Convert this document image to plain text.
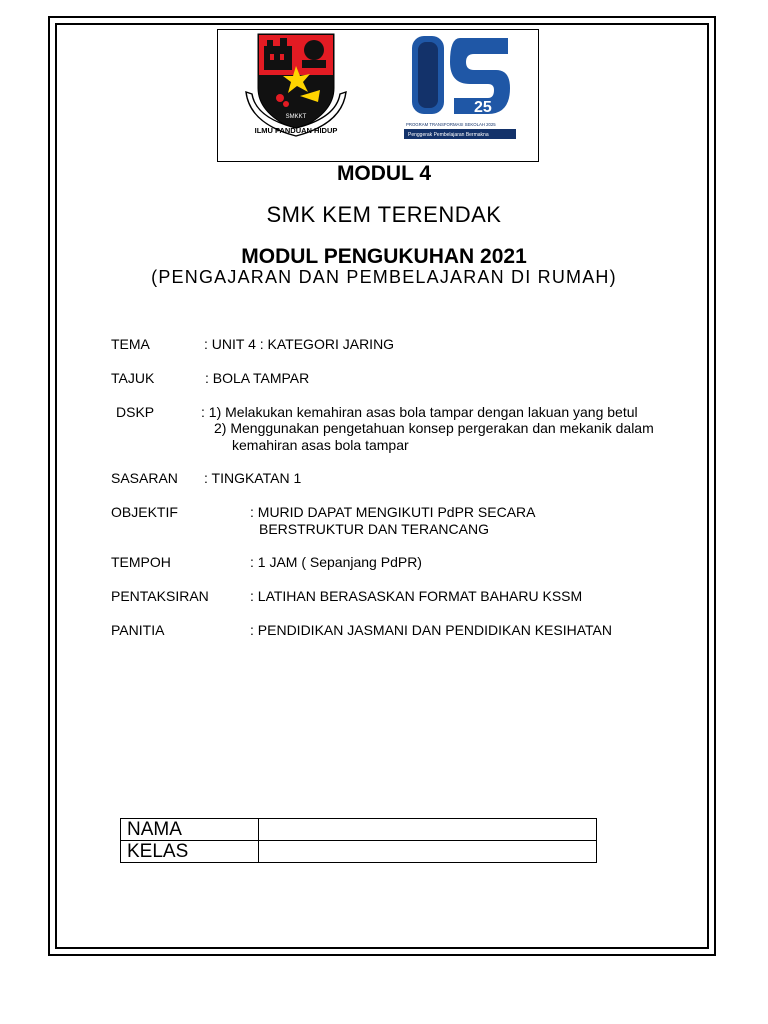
SMKKT
ILMU PANDUAN HIDUP
25
PROGRAM TRANSFORMASI SEKOLAH 2025
Penggerak Pembelajaran Bermakna
MODUL 4
SMK KEM TERENDAK
MODUL PENGUKUHAN 2021
(PENGAJARAN DAN PEMBELAJARAN DI RUMAH)
TEMA	: UNIT 4 : KATEGORI JARING
TAJUK	: BOLA TAMPAR
DSKP	: 1) Melakukan kemahiran asas bola tampar dengan lakuan yang betul
2) Menggunakan pengetahuan konsep pergerakan dan mekanik dalam
kemahiran asas bola tampar
SASARAN : TINGKATAN 1
OBJEKTIF	: MURID DAPAT MENGIKUTI PdPR SECARA
BERSTRUKTUR DAN TERANCANG
TEMPOH	: 1 JAM ( Sepanjang PdPR)
PENTAKSIRAN	: LATIHAN BERASASKAN FORMAT BAHARU KSSM
PANITIA	: PENDIDIKAN JASMANI DAN PENDIDIKAN KESIHATAN
NAMA	
KELAS	
